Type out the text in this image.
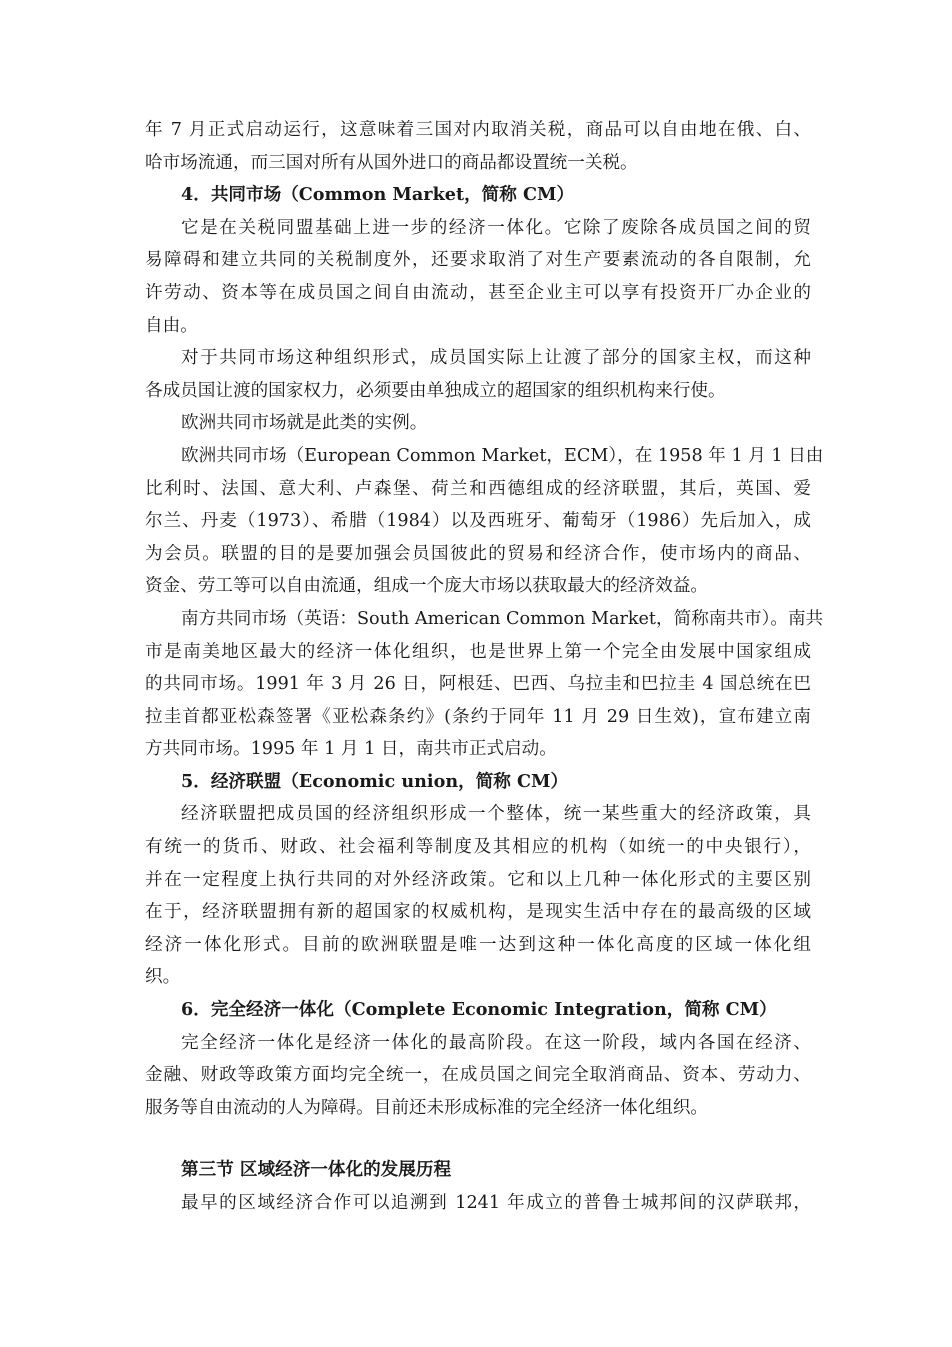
年 7 月正式启动运行，这意味着三国对内取消关税，商品可以自由地在俄、白、
哈市场流通，而三国对所有从国外进口的商品都设置统一关税。
4．共同市场（Common Market，简称 CM）
它是在关税同盟基础上进一步的经济一体化。它除了废除各成员国之间的贸
易障碍和建立共同的关税制度外，还要求取消了对生产要素流动的各自限制，允
许劳动、资本等在成员国之间自由流动，甚至企业主可以享有投资开厂办企业的
自由。
对于共同市场这种组织形式，成员国实际上让渡了部分的国家主权，而这种
各成员国让渡的国家权力，必须要由单独成立的超国家的组织机构来行使。
欧洲共同市场就是此类的实例。
欧洲共同市场（European Common Market，ECM），在 1958 年 1 月 1 日由
比利时、法国、意大利、卢森堡、荷兰和西德组成的经济联盟，其后，英国、爱
尔兰、丹麦（1973）、希腊（1984）以及西班牙、葡萄牙（1986）先后加入，成
为会员。联盟的目的是要加强会员国彼此的贸易和经济合作，使市场内的商品、
资金、劳工等可以自由流通，组成一个庞大市场以获取最大的经济效益。
南方共同市场（英语：South American Common Market，简称南共市）。南共
市是南美地区最大的经济一体化组织，也是世界上第一个完全由发展中国家组成
的共同市场。1991 年 3 月 26 日，阿根廷、巴西、乌拉圭和巴拉圭 4 国总统在巴
拉圭首都亚松森签署《亚松森条约》(条约于同年 11 月 29 日生效)，宣布建立南
方共同市场。1995 年 1 月 1 日，南共市正式启动。
5．经济联盟（Economic union，简称 CM）
经济联盟把成员国的经济组织形成一个整体，统一某些重大的经济政策，具
有统一的货币、财政、社会福利等制度及其相应的机构（如统一的中央银行），
并在一定程度上执行共同的对外经济政策。它和以上几种一体化形式的主要区别
在于，经济联盟拥有新的超国家的权威机构，是现实生活中存在的最高级的区域
经济一体化形式。目前的欧洲联盟是唯一达到这种一体化高度的区域一体化组
织。
6．完全经济一体化（Complete Economic Integration，简称 CM）
完全经济一体化是经济一体化的最高阶段。在这一阶段，域内各国在经济、
金融、财政等政策方面均完全统一，在成员国之间完全取消商品、资本、劳动力、
服务等自由流动的人为障碍。目前还未形成标准的完全经济一体化组织。
第三节 区域经济一体化的发展历程
最早的区域经济合作可以追溯到 1241 年成立的普鲁士城邦间的汉萨联邦，
